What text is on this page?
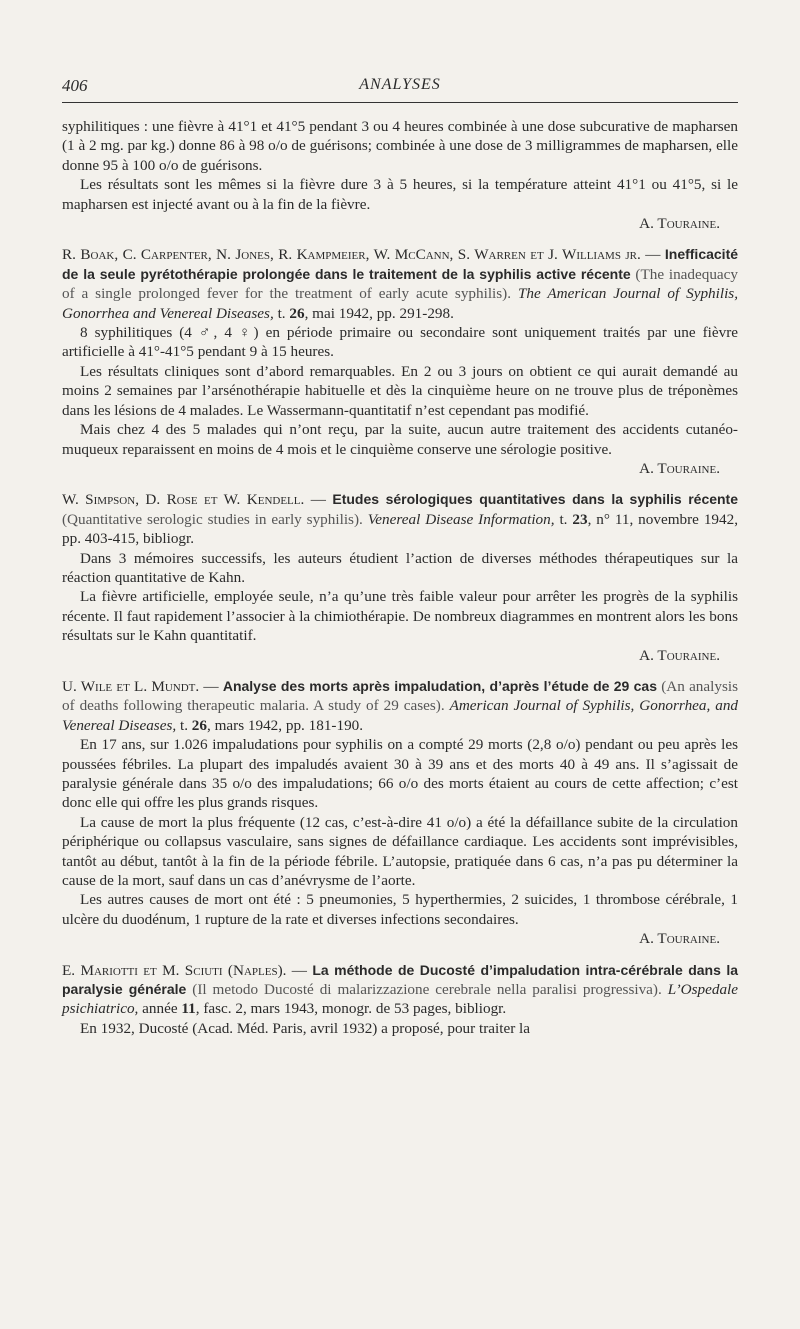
406	ANALYSES

syphilitiques : une fièvre à 41°1 et 41°5 pendant 3 ou 4 heures combinée à une dose subcurative de mapharsen (1 à 2 mg. par kg.) donne 86 à 98 o/o de guérisons; combinée à une dose de 3 milligrammes de mapharsen, elle donne 95 à 100 o/o de guérisons.

Les résultats sont les mêmes si la fièvre dure 3 à 5 heures, si la température atteint 41°1 ou 41°5, si le mapharsen est injecté avant ou à la fin de la fièvre.

A. Touraine.
R. Boak, C. Carpenter, N. Jones, R. Kampmeier, W. McCann, S. Warren et J. Williams jr. — Inefficacité de la seule pyrétothérapie prolongée dans le traitement de la syphilis active récente (The inadequacy of a single prolonged fever for the treatment of early acute syphilis). The American Journal of Syphilis, Gonorrhea and Venereal Diseases, t. 26, mai 1942, pp. 291-298.

8 syphilitiques (4 ♂, 4 ♀) en période primaire ou secondaire sont uniquement traités par une fièvre artificielle à 41°-41°5 pendant 9 à 15 heures.

Les résultats cliniques sont d’abord remarquables. En 2 ou 3 jours on obtient ce qui aurait demandé au moins 2 semaines par l’arsénothérapie habituelle et dès la cinquième heure on ne trouve plus de tréponèmes dans les lésions de 4 malades. Le Wassermann-quantitatif n’est cependant pas modifié.

Mais chez 4 des 5 malades qui n’ont reçu, par la suite, aucun autre traitement des accidents cutanéo-muqueux reparaissent en moins de 4 mois et le cinquième conserve une sérologie positive.

A. Touraine.
W. Simpson, D. Rose et W. Kendell. — Etudes sérologiques quantitatives dans la syphilis récente (Quantitative serologic studies in early syphilis). Venereal Disease Information, t. 23, n° 11, novembre 1942, pp. 403-415, bibliogr.

Dans 3 mémoires successifs, les auteurs étudient l’action de diverses méthodes thérapeutiques sur la réaction quantitative de Kahn.

La fièvre artificielle, employée seule, n’a qu’une très faible valeur pour arrêter les progrès de la syphilis récente. Il faut rapidement l’associer à la chimiothérapie. De nombreux diagrammes en montrent alors les bons résultats sur le Kahn quantitatif.

A. Touraine.
U. Wile et L. Mundt. — Analyse des morts après impaludation, d’après l’étude de 29 cas (An analysis of deaths following therapeutic malaria. A study of 29 cases). American Journal of Syphilis, Gonorrhea, and Venereal Diseases, t. 26, mars 1942, pp. 181-190.

En 17 ans, sur 1.026 impaludations pour syphilis on a compté 29 morts (2,8 o/o) pendant ou peu après les poussées fébriles. La plupart des impaludés avaient 30 à 39 ans et des morts 40 à 49 ans. Il s’agissait de paralysie générale dans 35 o/o des impaludations; 66 o/o des morts étaient au cours de cette affection; c’est donc elle qui offre les plus grands risques.

La cause de mort la plus fréquente (12 cas, c’est-à-dire 41 o/o) a été la défaillance subite de la circulation périphérique ou collapsus vasculaire, sans signes de défaillance cardiaque. Les accidents sont imprévisibles, tantôt au début, tantôt à la fin de la période fébrile. L’autopsie, pratiquée dans 6 cas, n’a pas pu déterminer la cause de la mort, sauf dans un cas d’anévrysme de l’aorte.

Les autres causes de mort ont été : 5 pneumonies, 5 hyperthermies, 2 suicides, 1 thrombose cérébrale, 1 ulcère du duodénum, 1 rupture de la rate et diverses infections secondaires.

A. Touraine.
E. Mariotti et M. Sciuti (Naples). — La méthode de Ducosté d’impaludation intra-cérébrale dans la paralysie générale (Il metodo Ducosté di malarizzazione cerebrale nella paralisi progressiva). L’Ospedale psichiatrico, année 11, fasc. 2, mars 1943, monogr. de 53 pages, bibliogr.

En 1932, Ducosté (Acad. Méd. Paris, avril 1932) a proposé, pour traiter la
